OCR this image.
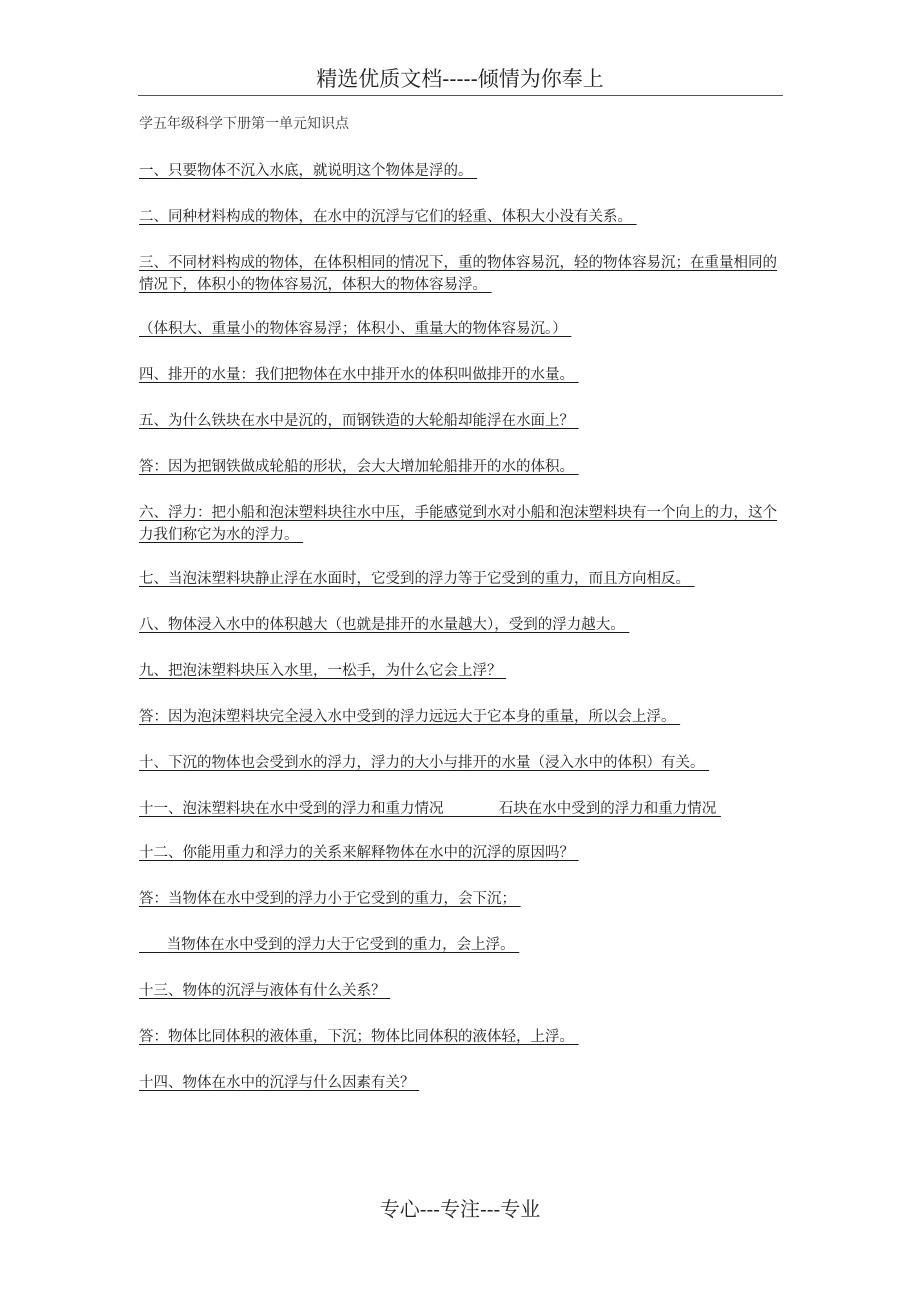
精选优质文档-----倾情为你奉上
学五年级科学下册第一单元知识点
一、只要物体不沉入水底，就说明这个物体是浮的。
二、同种材料构成的物体，在水中的沉浮与它们的轻重、体积大小没有关系。
三、不同材料构成的物体，在体积相同的情况下，重的物体容易沉，轻的物体容易沉；在重量相同的情况下，体积小的物体容易沉，体积大的物体容易浮。
（体积大、重量小的物体容易浮；体积小、重量大的物体容易沉。）
四、排开的水量：我们把物体在水中排开水的体积叫做排开的水量。
五、为什么铁块在水中是沉的，而钢铁造的大轮船却能浮在水面上？
答：因为把钢铁做成轮船的形状，会大大增加轮船排开的水的体积。
六、浮力：把小船和泡沫塑料块往水中压，手能感觉到水对小船和泡沫塑料块有一个向上的力，这个力我们称它为水的浮力。
七、当泡沫塑料块静止浮在水面时，它受到的浮力等于它受到的重力，而且方向相反。
八、物体浸入水中的体积越大（也就是排开的水量越大），受到的浮力越大。
九、把泡沫塑料块压入水里，一松手，为什么它会上浮？
答：因为泡沫塑料块完全浸入水中受到的浮力远远大于它本身的重量，所以会上浮。
十、下沉的物体也会受到水的浮力，浮力的大小与排开的水量（浸入水中的体积）有关。
十一、泡沫塑料块在水中受到的浮力和重力情况            石块在水中受到的浮力和重力情况
十二、你能用重力和浮力的关系来解释物体在水中的沉浮的原因吗？
答：当物体在水中受到的浮力小于它受到的重力，会下沉；
当物体在水中受到的浮力大于它受到的重力，会上浮。
十三、物体的沉浮与液体有什么关系？
答：物体比同体积的液体重，下沉；物体比同体积的液体轻，上浮。
十四、物体在水中的沉浮与什么因素有关？
专心---专注---专业
